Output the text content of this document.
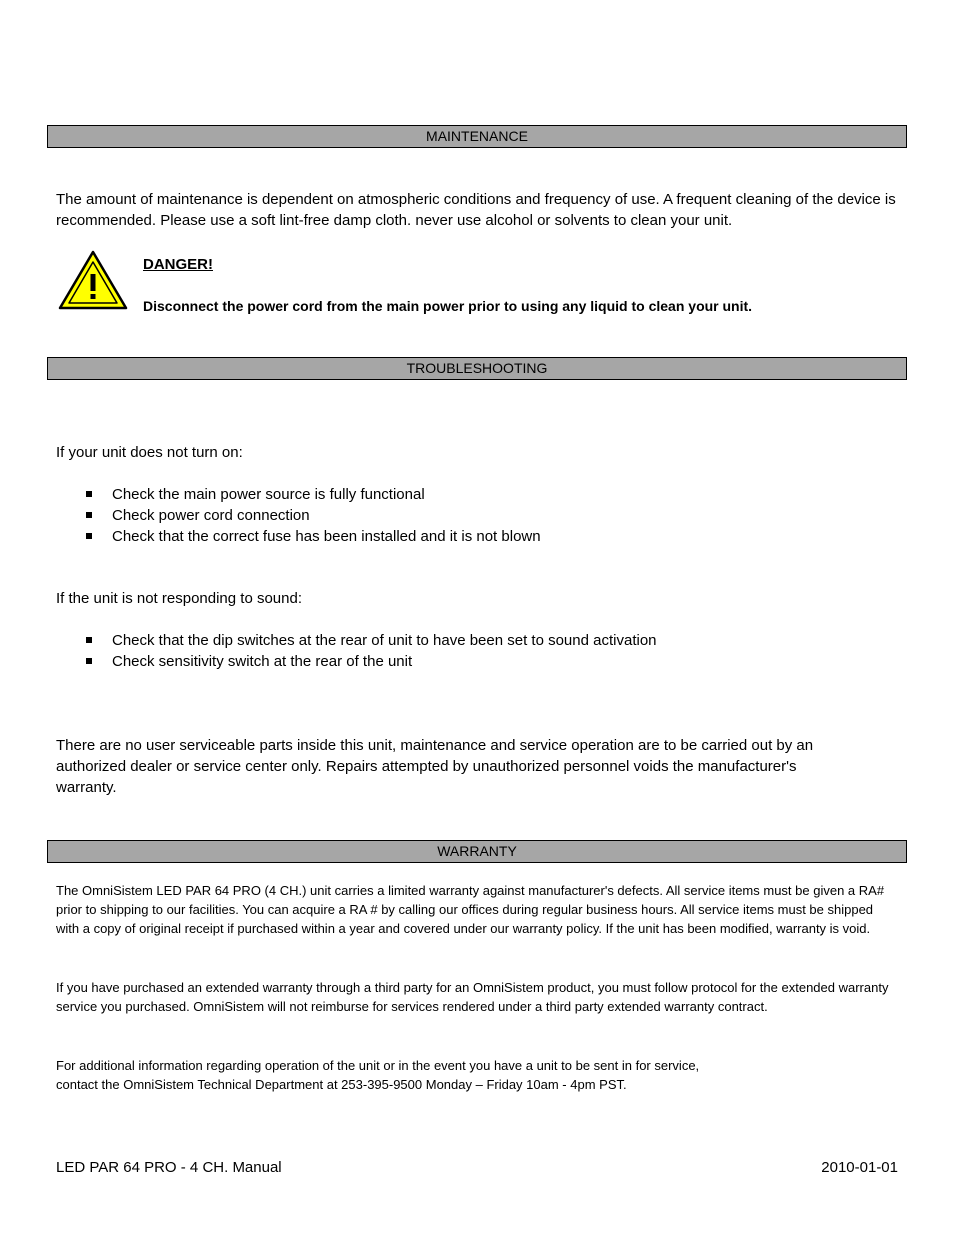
MAINTENANCE

The amount of maintenance is dependent on atmospheric conditions and frequency of use. A frequent cleaning of the device is recommended. Please use a soft lint-free damp cloth. never use alcohol or solvents to clean your unit.

DANGER!
Disconnect the power cord from the main power prior to using any liquid to clean your unit.
TROUBLESHOOTING

If your unit does not turn on:

Check the main power source is fully functional
Check power cord connection
Check that the correct fuse has been installed and it is not blown

If the unit is not responding to sound:

Check that the dip switches at the rear of unit to have been set to sound activation
Check sensitivity switch at the rear of the unit

There are no user serviceable parts inside this unit, maintenance and service operation are to be carried out by an authorized dealer or service center only. Repairs attempted by unauthorized personnel voids the manufacturer's warranty.

WARRANTY

The OmniSistem LED PAR 64 PRO (4 CH.) unit carries a limited warranty against manufacturer's defects. All service items must be given a RA# prior to shipping to our facilities. You can acquire a RA # by calling our offices during regular business hours. All service items must be shipped with a copy of original receipt if purchased within a year and covered under our warranty policy. If the unit has been modified, warranty is void.

If you have purchased an extended warranty through a third party for an OmniSistem product, you must follow protocol for the extended warranty service you purchased. OmniSistem will not reimburse for services rendered under a third party extended warranty contract.

For additional information regarding operation of the unit or in the event you have a unit to be sent in for service,

contact the OmniSistem Technical Department at 253-395-9500 Monday – Friday 10am - 4pm PST.

LED PAR 64 PRO - 4 CH. Manual	2010-01-01
